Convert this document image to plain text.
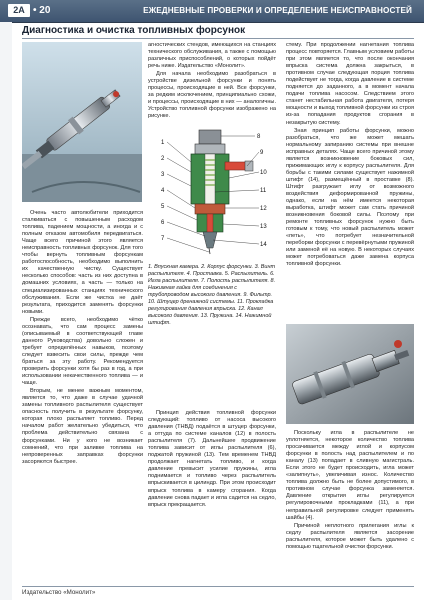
2A • 20	ЕЖЕДНЕВНЫЕ ПРОВЕРКИ И ОПРЕДЕЛЕНИЕ НЕИСПРАВНОСТЕЙ
Диагностика и очистка топливных форсунок

Очень часто автолюбители приходится сталкиваться с повышенным расходом топлива, падением мощности, а иногда и с полным отказом автомобиля передвигаться. Чаще всего причиной этого является неисправность топливных форсунок. Для того чтобы вернуть топливным форсункам работоспособность, необходимо выполнить их качественную чистку. Существует несколько способов: часть из них доступна в домашних условиях, а часть — только на специализированных станциях технического обслуживания. Если же чистка не даёт результата, приходится заменять форсунки новыми.

Прежде всего, необходимо чётко осознавать, что сам процесс замены (описываемый в соответствующей главе данного Руководства) довольно сложен и требует определённых навыков, поэтому следует взвесить свои силы, прежде чем браться за эту работу. Рекомендуется проверить форсунки хотя бы раз в год, а при использовании некачественного топлива — и чаще.

Вторым, не менее важным моментом, является то, что даже в случае удачной замены топливного распылителя существует опасность получить в результате форсунку, которая плохо распыляет топливо. Перед началом работ желательно убедиться, что проблема действительно связана с форсунками. Ни у кого не возникает сомнений, что при заливке топлива на непроверенных заправках форсунки засоряются быстрее.

агностических стендов, имеющихся на станциях технического обслуживания, а также с помощью различных приспособлений, о которых пойдёт речь ниже. Издательство «Монолит».

Для начала необходимо разобраться в устройстве дизельной форсунки и понять процессы, происходящие в ней. Все форсунки, за редким исключением, принципиально схожи, и процессы, происходящие в них — аналогичны. Устройство топливной форсунки изображено на рисунке.

1
2
3
4
5
6
7
8
9
10
11
12
13
14
1. Впускная камера. 2. Корпус форсунки. 3. Винт распылителя. 4. Проставка. 5. Распылитель. 6. Игла распылителя. 7. Полость распылителя. 8. Нажимная гайка для соединения с трубопроводом высокого давления. 9. Фильтр. 10. Штуцер дренажной системы. 11. Прокладка регулирования давления впрыска. 12. Канал высокого давления. 13. Пружина. 14. Нажимной штифт.

Принцип действия топливной форсунки следующий: топливо от насоса высокого давления (ТНВД) подаётся в штуцер форсунки, а оттуда по системе каналов (12) в полость распылителя (7). Дальнейшее продвижение топлива зависит от иглы распылителя (6), поджатой пружиной (13). Тем временем ТНВД продолжает нагнетать топливо, и когда давление превысит усилие пружины, игла поднимается и топливо через распылитель впрыскивается в цилиндр. При этом происходит впрыск топлива в камеру сгорания. Когда давление снова падает и игла садится на седло, впрыск прекращается.

стему. При продолжении нагнетания топлива процесс повторяется. Главным условием работы при этом является то, что после окончания впрыска система должна закрыться, в противном случае следующая порция топлива подействует не тогда, когда давление в системе подняется до заданного, а в момент начала подачи топлива насосом. Следствием этого станет нестабильная работа двигателя, потеря мощности и выход топливной форсунки из строя из-за попадания продуктов сгорания в незакрытую систему.

Зная принцип работы форсунки, можно разобраться, что же может мешать нормальному запиранию системы при внешне исправных деталях. Чаще всего причиной этому является возникновение боковых сил, прижимающих иглу к корпусу распылителя. Для борьбы с такими силами существует нажимной штифт (14), размещённый в проставке (8). Штифт разгружает иглу от возможного воздействия деформированной пружины, однако, если на нём имеется некоторая выработка, штифт может сам стать причиной возникновения боковой силы. Поэтому при ремонте топливных форсунок нужно быть готовым к тому, что новый распылитель может «петь», что потребует незначительной переборки форсунки с перевёрнутыми пружиной или заменой её на новую. В некоторых случаях может потребоваться даже замена корпуса топливной форсунки.

Поскольку игла в распылителе не уплотняется, некоторое количество топлива просачивается между иглой и корпусом форсунки в полость над распылителем и по каналу (13) попадает в сливную магистраль. Если этого не будет происходить, игла может «залипнуть», увеличивая износ. Количество топлива должно быть не более допустимого, в противном случае форсунка заменяется. Давление открытия иглы регулируется регулировочными прокладками (11), а при неправильной регулировке следует применять шайбы (4).

Причиной неплотного прилегания иглы к седлу распылителя является засорение распылителя, которое может быть удалено с помощью тщательной очистки форсунки.

Издательство «Монолит»
